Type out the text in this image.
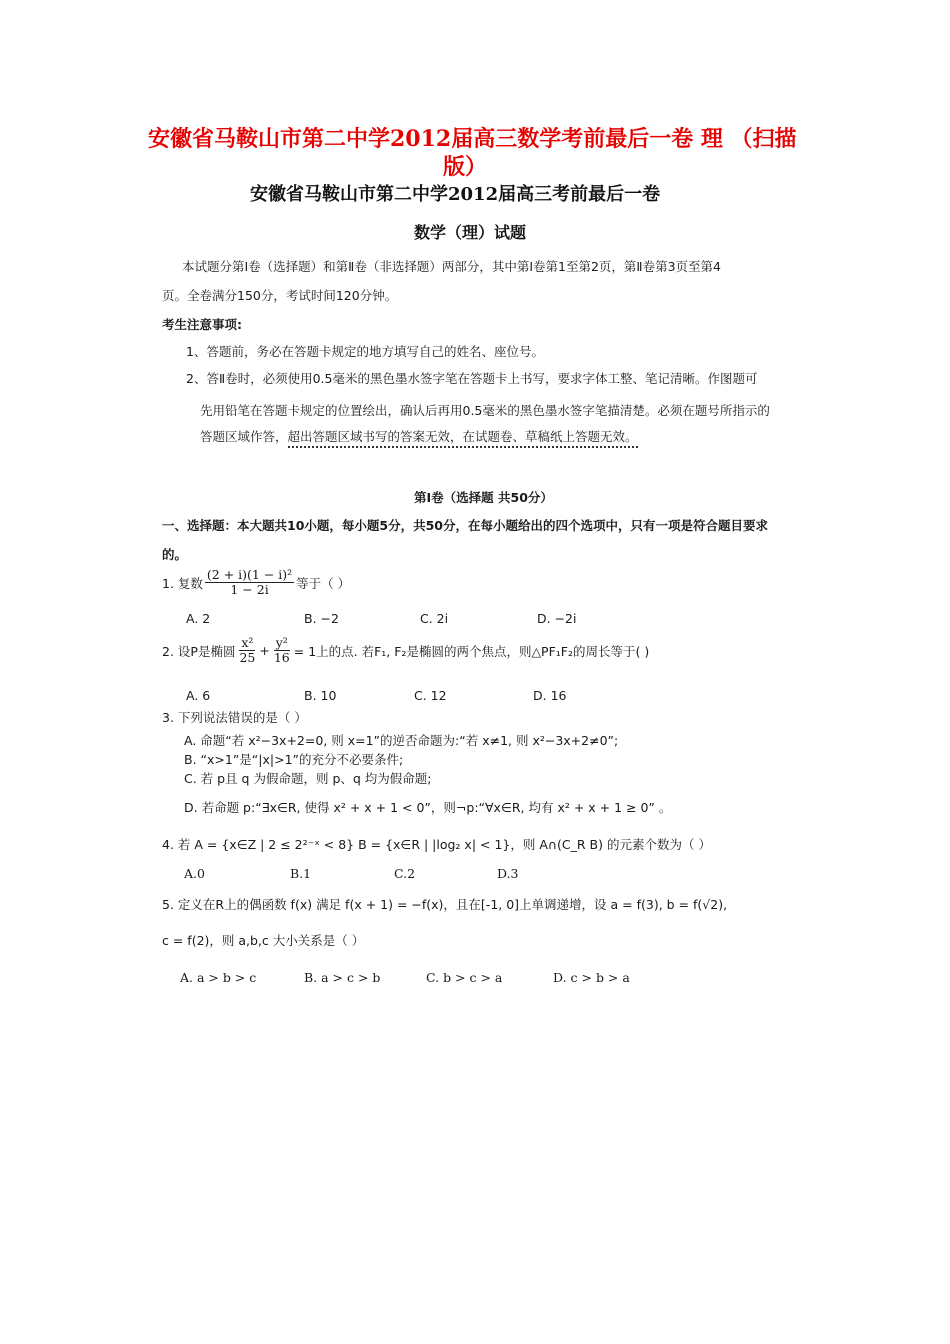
安徽省马鞍山市第二中学2012届高三数学考前最后一卷 理 （扫描
版）
安徽省马鞍山市第二中学2012届高三考前最后一卷
数学（理）试题
本试题分第Ⅰ卷（选择题）和第Ⅱ卷（非选择题）两部分，其中第Ⅰ卷第1至第2页，第Ⅱ卷第3页至第4
页。全卷满分150分，考试时间120分钟。
考生注意事项:
1、答题前，务必在答题卡规定的地方填写自己的姓名、座位号。
2、答Ⅱ卷时，必须使用0.5毫米的黑色墨水签字笔在答题卡上书写，要求字体工整、笔记清晰。作图题可
先用铅笔在答题卡规定的位置绘出，确认后再用0.5毫米的黑色墨水签字笔描清楚。必须在题号所指示的
答题区域作答，超出答题区域书写的答案无效，在试题卷、草稿纸上答题无效。
第Ⅰ卷（选择题 共50分）
一、选择题：本大题共10小题，每小题5分，共50分，在每小题给出的四个选项中，只有一项是符合题目要求
的。
1. 复数 $\frac{\text{(2 + i)(1 − i)²}}{1 - 2i}$ 等于（ ）
A. 2	B. −2	C. 2i	D. −2i
2. 设P是椭圆 $\frac{\text{x²}}{25} + \frac{\text{y²}}{16} = 1$上的点. 若F₁, F₂是椭圆的两个焦点，则△PF₁F₂的周长等于( )
A. 6	B. 10	C. 12	D. 16
3. 下列说法错误的是（ ）
A. 命题“若 x²−3x+2=0, 则 x=1”的逆否命题为:“若 x≠1, 则 x²−3x+2≠0”;
B. “x>1”是“|x|>1”的充分不必要条件;
C. 若 p且 q 为假命题，则 p、q 均为假命题;
D. 若命题 p:“∃x∈R, 使得 x² + x + 1 < 0”，则¬p:“∀x∈R, 均有 x² + x + 1 ≥ 0” 。
4. 若 A = {x∈Z | 2 ≤ 2²⁻ˣ < 8} B = {x∈R | |log₂ x| < 1}，则 A∩(C_R B) 的元素个数为（ ）
A.0	B.1	C.2	D.3
5. 定义在R上的偶函数 f(x) 满足 f(x + 1) = −f(x)，且在[-1, 0]上单调递增，设 a = f(3), b = f(√2),
c = f(2)，则 a,b,c 大小关系是（ ）
A. a > b > c	B. a > c > b	C. b > c > a	D. c > b > a
